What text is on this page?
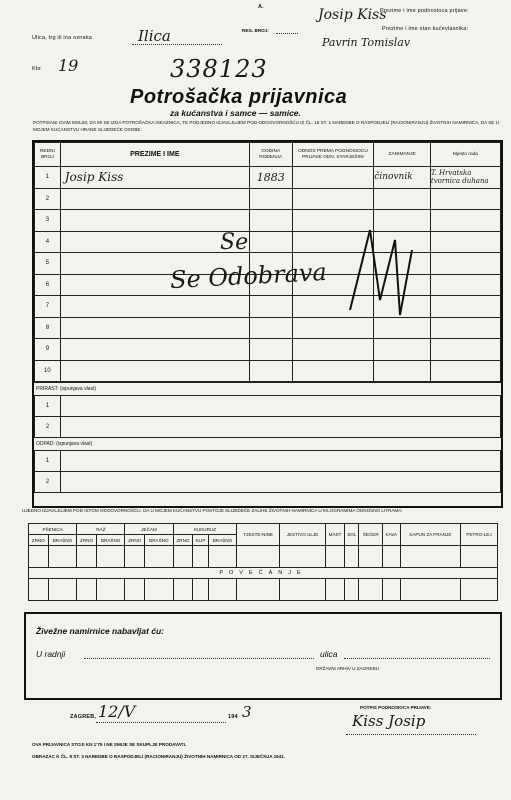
Ulica, trg ili ina oznaka	Ilica
Kbr. 19	338123
A.
REG. BROJ:
Prezime i ime podnosioca prijave:
Josip Kiss
Prezime i ime stan kućevlasnika:
Pavrin Tomislav
Potrošačka prijavnica
za kućanstva i samce — samice.
POTPISANI OVIM MOLIM, DA MI SE IZDA POTROŠAČKA ISKAZNICA, TE PODJEDNO IZJAVLJUJEM POD ODGOVORNOŠĆU IZ ČL. 18 ST. 1 NAREDBE O RASPODJELI (RACIONIRANJU) ŽIVOTNIH NAMIRNICA, DA SE U MOJEM KUĆANSTVU HRANE SLIJEDEĆE OSOBE:
REDNI BROJ	PREZIME I IME	GODINA ROĐENJA	ODNOS PREMA PODNOSIOCU PRIJAVE ODN. STARJEŠINI	ZANIMANJE	Mjesto rada
1	Josip Kiss	1883		činovnik	T. Hrvatska tvornica duhana
2					
3					
4					
5					
6					
7					
8					
9					
10					
PRIRAST: (ispunjava vlast)
1	
2	
ODPAD: (ispunjava vlast)
1	
2	
Se
Se Odobrava
UJEDNO IZJAVLJUJEM POD ISTOM ODGOVORNOŠĆU, DA U MOJEM KUĆANSTVU POSTOJE SLIJEDEĆE ZALIHE ŽIVOTNIH NAMIRNICA U KILOGRAMIMA ODNOSNO LITRAMA:
PŠENICA		RAŽ		JEČAM		KUKURUZ			TJESTE-NINE	JESTIVO ULJE	MAST	SOL	ŠEĆER	KAVA	SAPUN ZA PRANJE	PETRO-LEJ
ZRNO	BRAŠNO	ZRNO	BRAŠNO	ZRNO	BRAŠNO	ZRNO	KLIP	BRAŠNO								

POVEĆANJE																

Živežne namirnice nabavljat ću:
U radnji	ulica
DRŽAVNI ARHIV U ZAGREBU
ZAGREB, 12/V	194 3	POTPIS PODNOSIOCA PRIJAVE:
Kiss Josip
OVA PRIJAVNICA STOJI KN 1'75 I NE SMIJE SE SKUPLJE PRODAVATI.
OBRAZAC K ČL. 9 ST. 3 NAREDBE O RASPODJELI (RACIONIRANJU) ŽIVOTNIH NAMIRNICA OD 27. SIJEČNJA 1941.
